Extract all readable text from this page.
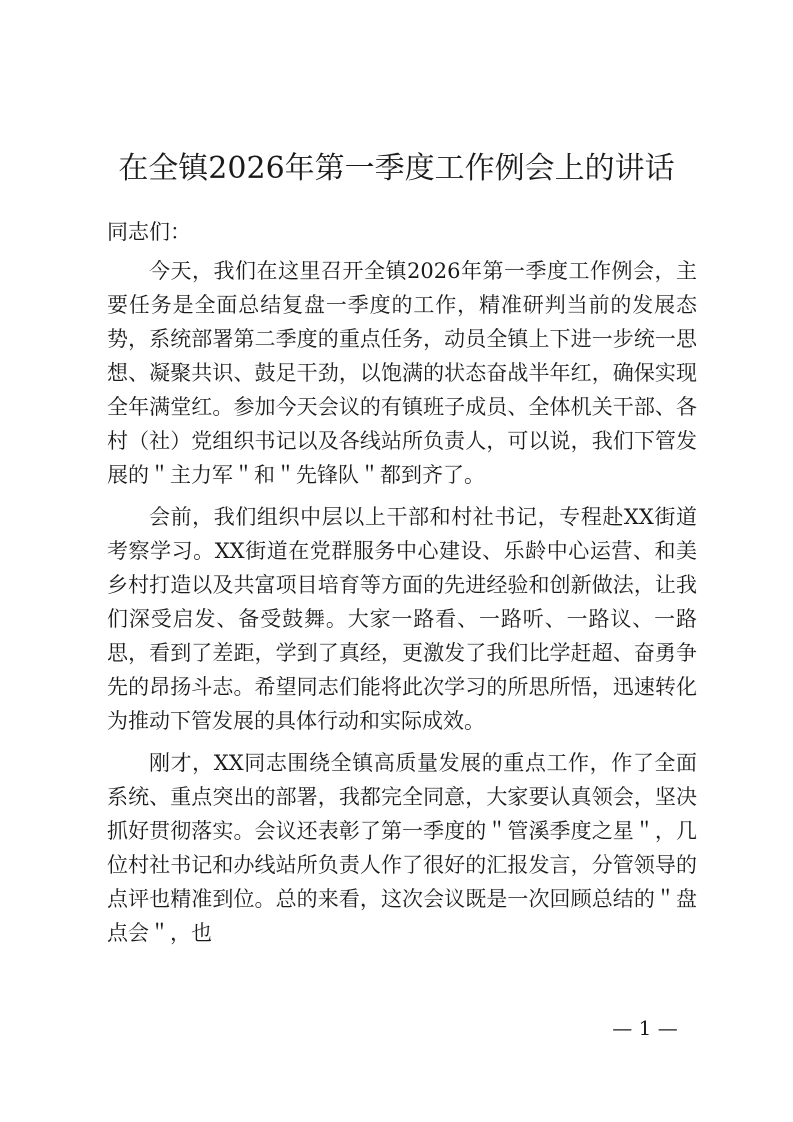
在全镇2026年第一季度工作例会上的讲话
同志们：

今天，我们在这里召开全镇2026年第一季度工作例会，主要任务是全面总结复盘一季度的工作，精准研判当前的发展态势，系统部署第二季度的重点任务，动员全镇上下进一步统一思想、凝聚共识、鼓足干劲，以饱满的状态奋战半年红，确保实现全年满堂红。参加今天会议的有镇班子成员、全体机关干部、各村（社）党组织书记以及各线站所负责人，可以说，我们下管发展的＂主力军＂和＂先锋队＂都到齐了。

会前，我们组织中层以上干部和村社书记，专程赴XX街道考察学习。XX街道在党群服务中心建设、乐龄中心运营、和美乡村打造以及共富项目培育等方面的先进经验和创新做法，让我们深受启发、备受鼓舞。大家一路看、一路听、一路议、一路思，看到了差距，学到了真经，更激发了我们比学赶超、奋勇争先的昂扬斗志。希望同志们能将此次学习的所思所悟，迅速转化为推动下管发展的具体行动和实际成效。

刚才，XX同志围绕全镇高质量发展的重点工作，作了全面系统、重点突出的部署，我都完全同意，大家要认真领会，坚决抓好贯彻落实。会议还表彰了第一季度的＂管溪季度之星＂，几位村社书记和办线站所负责人作了很好的汇报发言，分管领导的点评也精准到位。总的来看，这次会议既是一次回顾总结的＂盘点会＂，也

— 1 —
